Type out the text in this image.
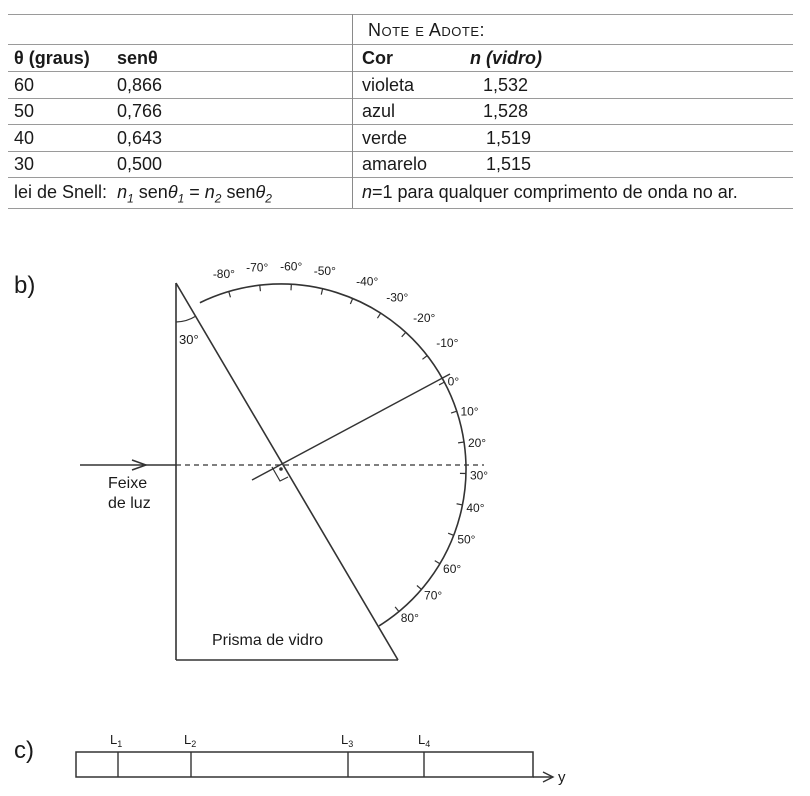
Note e Adote:
θ (graus) senθ	Cor	n (vidro)
60	0,866	violeta	1,532
50	0,766	azul	1,528
40	0,643	verde	1,519
30	0,500	amarelo	1,515
lei de Snell: $n_1$ $sen\theta_1 = n_2$ senθ$_2$	n=1 para qualquer comprimento de onda no ar.
b)	-80° -70° -60° -50°
-40°
-30°
-20°
-10°
0°
10°
20°
30°
40°
50°
60°
70°
80°
30°
Feixe
de luz
Prisma de vidro
$L_1$	$L_2$	$L_3$	$L_4$
y
c)
